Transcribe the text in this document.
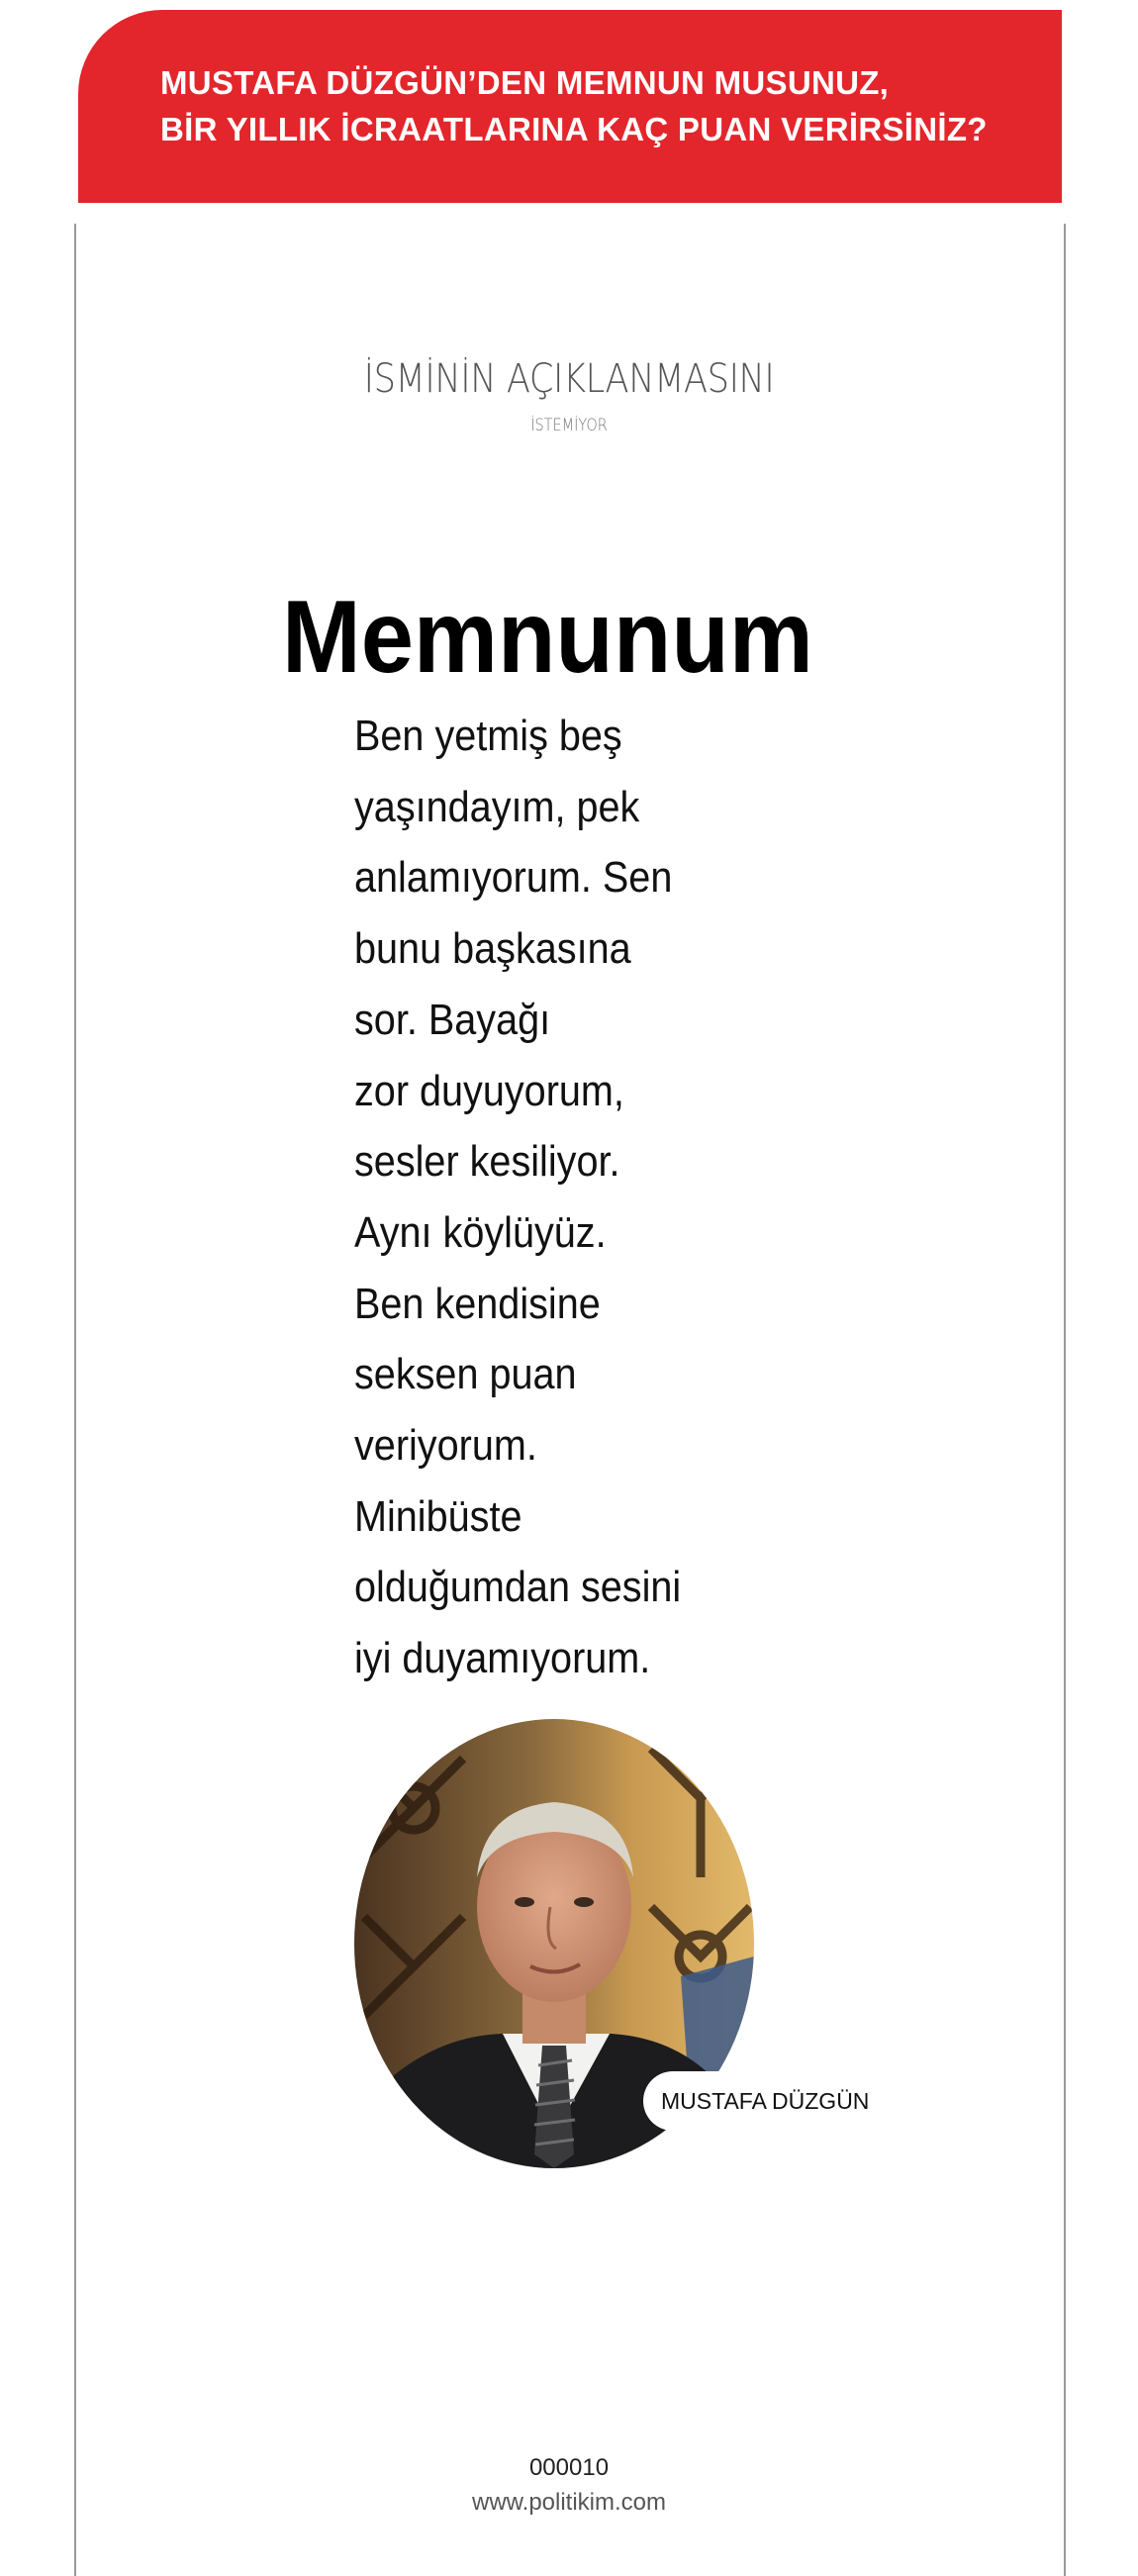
MUSTAFA DÜZGÜN’DEN MEMNUN MUSUNUZ,
BİR YILLIK İCRAATLARINA KAÇ PUAN VERİRSİNİZ?
İSMİNİN AÇIKLANMASINI
İSTEMİYOR
Memnunum
Ben yetmiş beş
yaşındayım, pek
anlamıyorum. Sen
bunu başkasına
sor. Bayağı
zor duyuyorum,
sesler kesiliyor.
Aynı köylüyüz.
Ben kendisine
seksen puan
veriyorum.
Minibüste
olduğumdan sesini
iyi duyamıyorum.
MUSTAFA DÜZGÜN
000010
www.politikim.com
